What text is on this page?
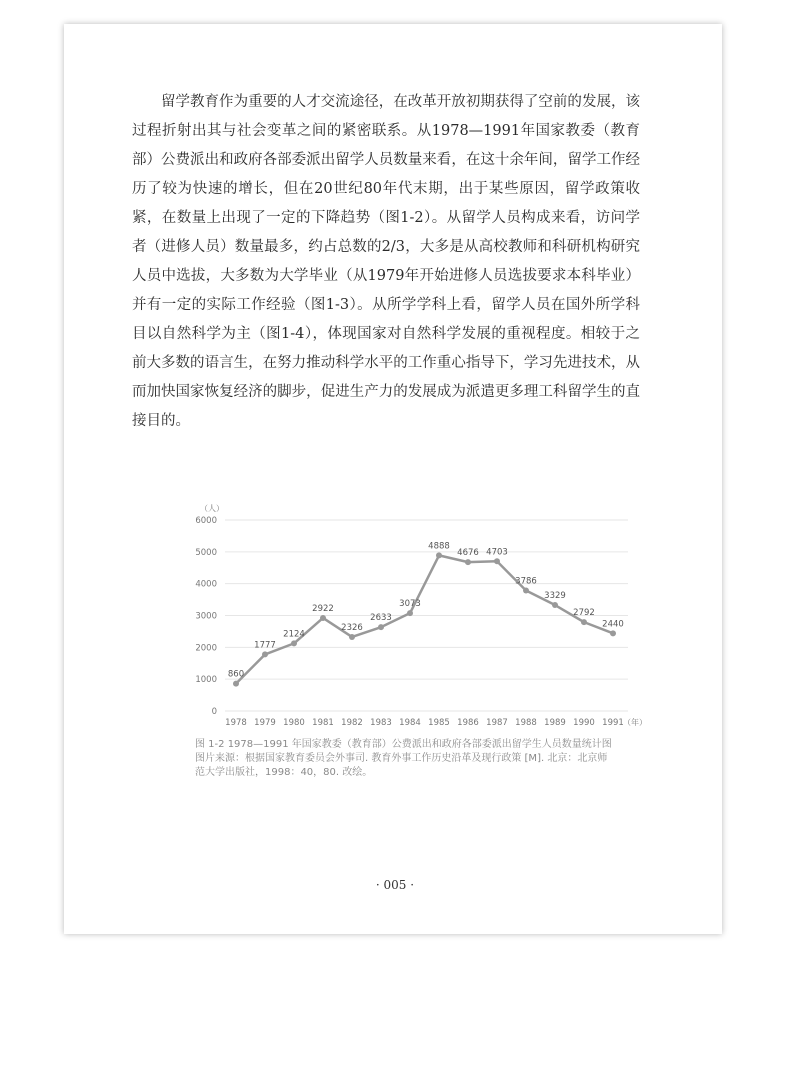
留学教育作为重要的人才交流途径，在改革开放初期获得了空前的发展，该过程折射出其与社会变革之间的紧密联系。从1978—1991年国家教委（教育部）公费派出和政府各部委派出留学人员数量来看，在这十余年间，留学工作经历了较为快速的增长，但在20世纪80年代末期，出于某些原因，留学政策收紧，在数量上出现了一定的下降趋势（图1-2）。从留学人员构成来看，访问学者（进修人员）数量最多，约占总数的2/3，大多是从高校教师和科研机构研究人员中选拔，大多数为大学毕业（从1979年开始进修人员选拔要求本科毕业）并有一定的实际工作经验（图1-3）。从所学学科上看，留学人员在国外所学科目以自然科学为主（图1-4），体现国家对自然科学发展的重视程度。相较于之前大多数的语言生，在努力推动科学水平的工作重心指导下，学习先进技术，从而加快国家恢复经济的脚步，促进生产力的发展成为派遣更多理工科留学生的直接目的。

（人）
0
1000
2000
3000
4000
5000
6000
1978 1979 1980 1981 1982 1983 1984 1985 1986 1987 1988 1989 1990 1991 （年）
860
1777
2124
2922
2326
2633
3073
4888
4676 4703
3786
3329
2792
2440
图 1-2 1978—1991 年国家教委（教育部）公费派出和政府各部委派出留学生人员数量统计图
图片来源：根据国家教育委员会外事司. 教育外事工作历史沿革及现行政策 [M]. 北京：北京师
范大学出版社，1998：40，80. 改绘。
· 005 ·
